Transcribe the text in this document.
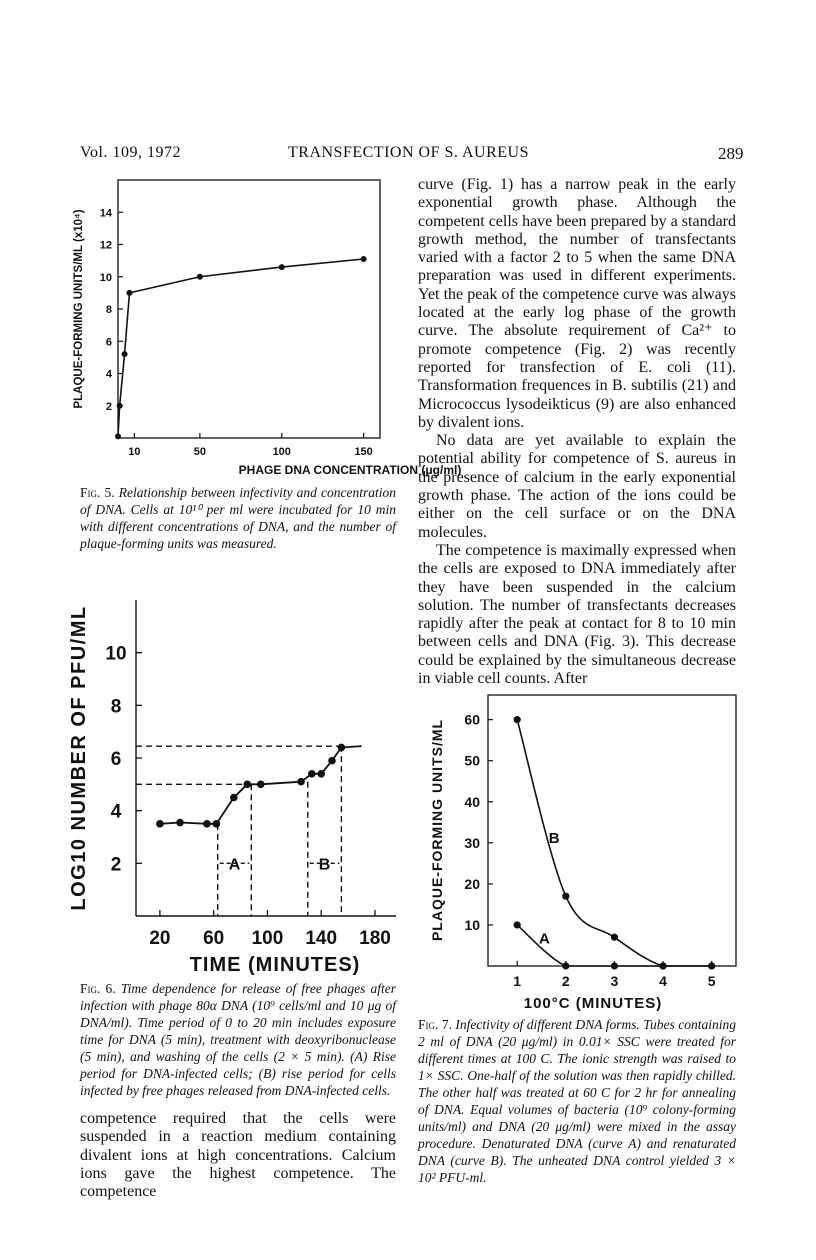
Vol. 109, 1972	TRANSFECTION OF S. AUREUS	289
10	50	100	150
2
4
6
8
10
12
14
PHAGE DNA CONCENTRATION (μg/ml)
PLAQUE-FORMING UNITS/ML (x10⁴)
Fig. 5. Relationship between infectivity and concentration of DNA. Cells at 10¹⁰ per ml were incubated for 10 min with different concentrations of DNA, and the number of plaque-forming units was measured.
20 60 100 140 180
2
4
6
8
10
TIME (MINUTES)
LOG10 NUMBER OF PFU/ML	A	B
Fig. 6. Time dependence for release of free phages after infection with phage 80α DNA (10⁹ cells/ml and 10 μg of DNA/ml). Time period of 0 to 20 min includes exposure time for DNA (5 min), treatment with deoxyribonuclease (5 min), and washing of the cells (2 × 5 min). (A) Rise period for DNA-infected cells; (B) rise period for cells infected by free phages released from DNA-infected cells.

competence required that the cells were suspended in a reaction medium containing divalent ions at high concentrations. Calcium ions gave the highest competence. The competence

curve (Fig. 1) has a narrow peak in the early exponential growth phase. Although the competent cells have been prepared by a standard growth method, the number of transfectants varied with a factor 2 to 5 when the same DNA preparation was used in different experiments. Yet the peak of the competence curve was always located at the early log phase of the growth curve. The absolute requirement of Ca²⁺ to promote competence (Fig. 2) was recently reported for transfection of E. coli (11). Transformation frequences in B. subtilis (21) and Micrococcus lysodeikticus (9) are also enhanced by divalent ions.

No data are yet available to explain the potential ability for competence of S. aureus in the presence of calcium in the early exponential growth phase. The action of the ions could be either on the cell surface or on the DNA molecules.

The competence is maximally expressed when the cells are exposed to DNA immediately after they have been suspended in the calcium solution. The number of transfectants decreases rapidly after the peak at contact for 8 to 10 min between cells and DNA (Fig. 3). This decrease could be explained by the simultaneous decrease in viable cell counts. After

1	2	3	4	5
10
20
30
40
50
60
100°C (MINUTES)
PLAQUE-FORMING UNITS/ML	A
B
Fig. 7. Infectivity of different DNA forms. Tubes containing 2 ml of DNA (20 μg/ml) in 0.01× SSC were treated for different times at 100 C. The ionic strength was raised to 1× SSC. One-half of the solution was then rapidly chilled. The other half was treated at 60 C for 2 hr for annealing of DNA. Equal volumes of bacteria (10⁹ colony-forming units/ml) and DNA (20 μg/ml) were mixed in the assay procedure. Denaturated DNA (curve A) and renaturated DNA (curve B). The unheated DNA control yielded 3 × 10² PFU-ml.
